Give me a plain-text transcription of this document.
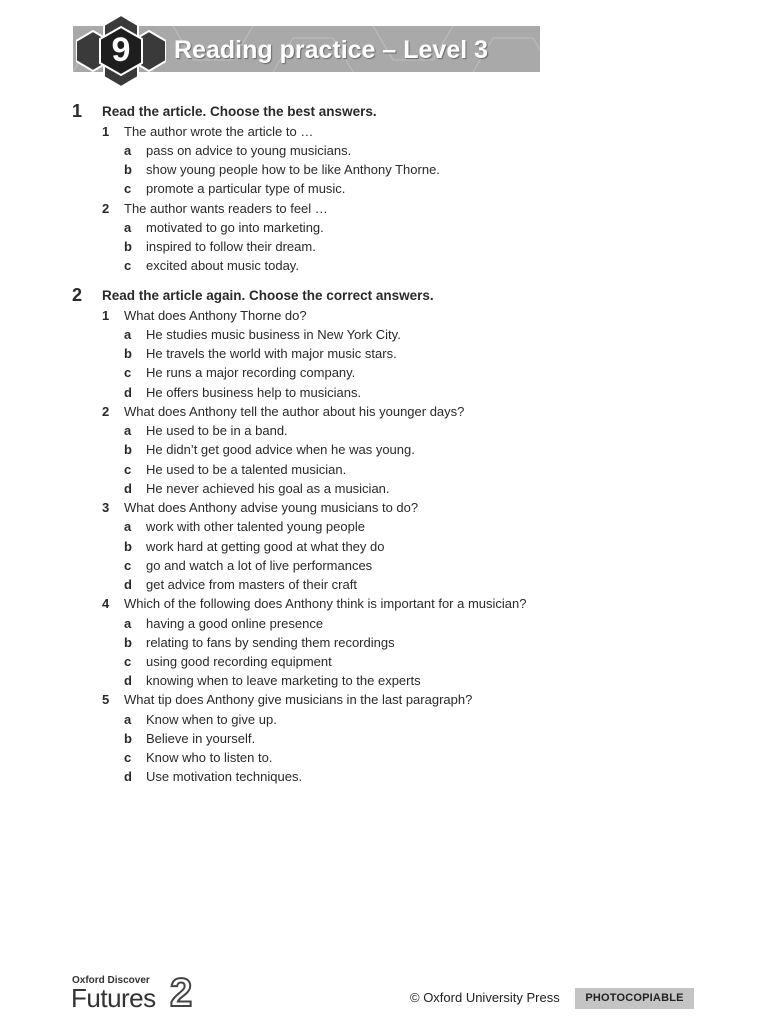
9	Reading practice – Level 3
1 Read the article. Choose the best answers.
1 The author wrote the article to …
a pass on advice to young musicians.
b show young people how to be like Anthony Thorne.
c promote a particular type of music.
2 The author wants readers to feel …
a motivated to go into marketing.
b inspired to follow their dream.
c excited about music today.
2 Read the article again. Choose the correct answers.
1 What does Anthony Thorne do?
a He studies music business in New York City.
b He travels the world with major music stars.
c He runs a major recording company.
d He offers business help to musicians.
2 What does Anthony tell the author about his younger days?
a He used to be in a band.
b He didn’t get good advice when he was young.
c He used to be a talented musician.
d He never achieved his goal as a musician.
3 What does Anthony advise young musicians to do?
a work with other talented young people
b work hard at getting good at what they do
c go and watch a lot of live performances
d get advice from masters of their craft
4 Which of the following does Anthony think is important for a musician?
a having a good online presence
b relating to fans by sending them recordings
c using good recording equipment
d knowing when to leave marketing to the experts
5 What tip does Anthony give musicians in the last paragraph?
a Know when to give up.
b Believe in yourself.
c Know who to listen to.
d Use motivation techniques.
Oxford Discover
Futures 2	© Oxford University Press	PHOTOCOPIABLE
